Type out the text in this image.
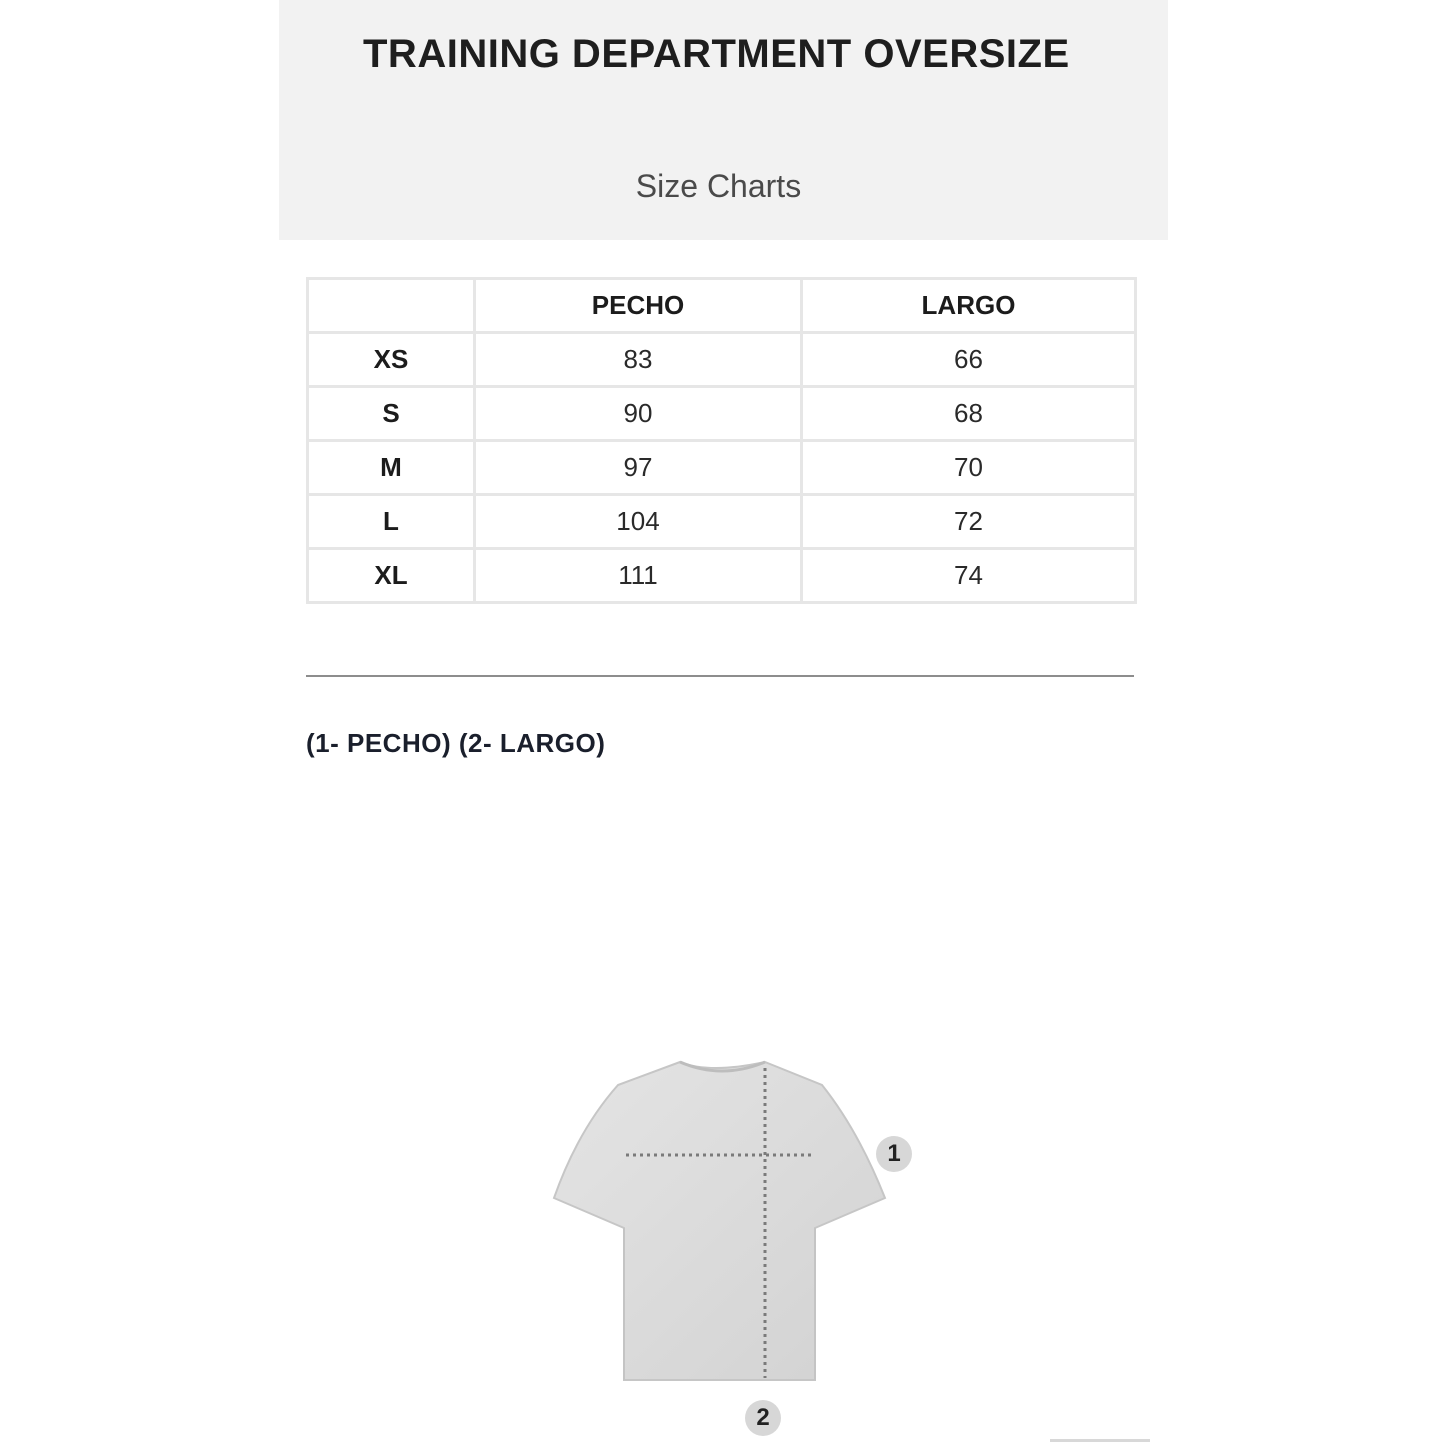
TRAINING DEPARTMENT OVERSIZE
Size Charts
	PECHO	LARGO
XS	83	66
S	90	68
M	97	70
L	104	72
XL	111	74
(1- PECHO) (2- LARGO)
1
2
